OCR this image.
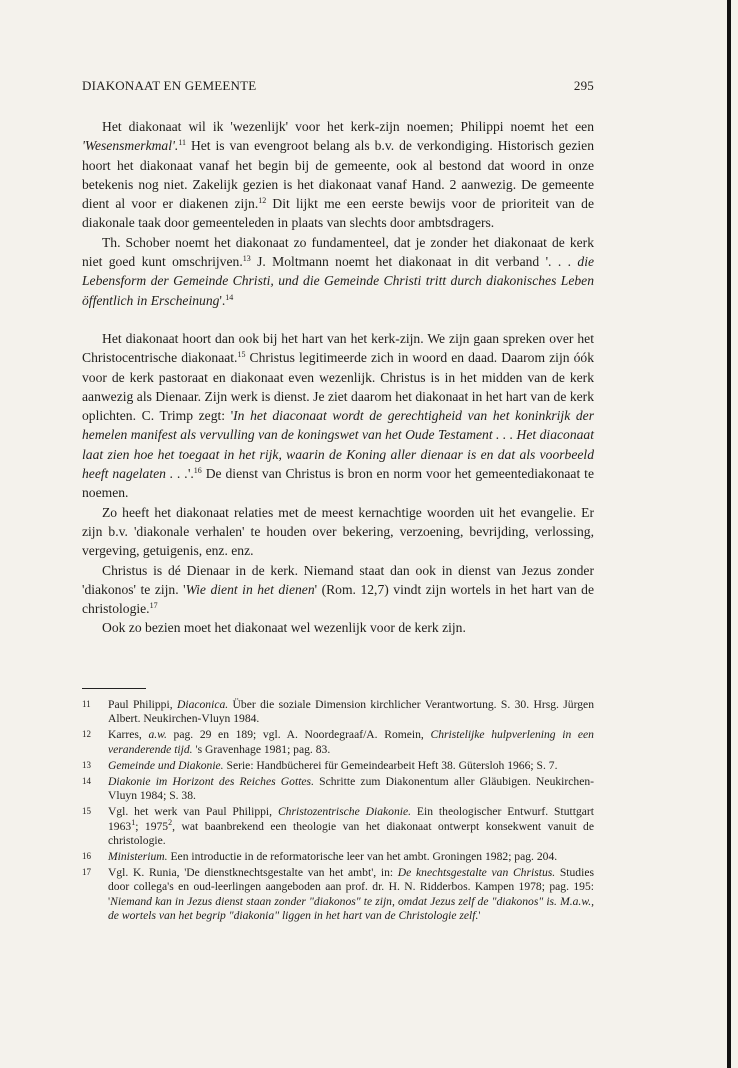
DIAKONAAT EN GEMEENTE	295

Het diakonaat wil ik 'wezenlijk' voor het kerk-zijn noemen; Philippi noemt het een 'Wesensmerkmal'.$^{11}$ Het is van evengroot belang als b.v. de verkondiging. Historisch gezien hoort het diakonaat vanaf het begin bij de gemeente, ook al bestond dat woord in onze betekenis nog niet. Zakelijk gezien is het diakonaat vanaf Hand. 2 aanwezig. De gemeente dient al voor er diakenen zijn.$^{12}$ Dit lijkt me een eerste bewijs voor de prioriteit van de diakonale taak door gemeenteleden in plaats van slechts door ambtsdragers.

Th. Schober noemt het diakonaat zo fundamenteel, dat je zonder het diakonaat de kerk niet goed kunt omschrijven.$^{13}$ J. Moltmann noemt het diakonaat in dit verband '. . . die Lebensform der Gemeinde Christi, und die Gemeinde Christi tritt durch diakonisches Leben öffentlich in Erscheinung'.$^{14}$

Het diakonaat hoort dan ook bij het hart van het kerk-zijn. We zijn gaan spreken over het Christocentrische diakonaat.$^{15}$ Christus legitimeerde zich in woord en daad. Daarom zijn óók voor de kerk pastoraat en diakonaat even wezenlijk. Christus is in het midden van de kerk aanwezig als Dienaar. Zijn werk is dienst. Je ziet daarom het diakonaat in het hart van de kerk oplichten. C. Trimp zegt: 'In het diaconaat wordt de gerechtigheid van het koninkrijk der hemelen manifest als vervulling van de koningswet van het Oude Testament . . . Het diaconaat laat zien hoe het toegaat in het rijk, waarin de Koning aller dienaar is en dat als voorbeeld heeft nagelaten . . .'.$^{16}$ De dienst van Christus is bron en norm voor het gemeentediakonaat te noemen.

Zo heeft het diakonaat relaties met de meest kernachtige woorden uit het evangelie. Er zijn b.v. 'diakonale verhalen' te houden over bekering, verzoening, bevrijding, verlossing, vergeving, getuigenis, enz. enz.

Christus is dé Dienaar in de kerk. Niemand staat dan ook in dienst van Jezus zonder 'diakonos' te zijn. 'Wie dient in het dienen' (Rom. 12,7) vindt zijn wortels in het hart van de christologie.$^{17}$

Ook zo bezien moet het diakonaat wel wezenlijk voor de kerk zijn.

11 Paul Philippi, Diaconica. Über die soziale Dimension kirchlicher Verantwortung. S. 30. Hrsg. Jürgen Albert. Neukirchen-Vluyn 1984.
12 Karres, a.w. pag. 29 en 189; vgl. A. Noordegraaf/A. Romein, Christelijke hulpverlening in een veranderende tijd. 's Gravenhage 1981; pag. 83.
13 Gemeinde und Diakonie. Serie: Handbücherei für Gemeindearbeit Heft 38. Gütersloh 1966; S. 7.
14 Diakonie im Horizont des Reiches Gottes. Schritte zum Diakonentum aller Gläubigen. Neukirchen-Vluyn 1984; S. 38.
15 Vgl. het werk van Paul Philippi, Christozentrische Diakonie. Ein theologischer Entwurf. Stuttgart 1963$^1$; 1975$^2$, wat baanbrekend een theologie van het diakonaat ontwerpt konsekwent vanuit de christologie.
16 Ministerium. Een introductie in de reformatorische leer van het ambt. Groningen 1982; pag. 204.
17 Vgl. K. Runia, 'De dienstknechtsgestalte van het ambt', in: De knechtsgestalte van Christus. Studies door collega's en oud-leerlingen aangeboden aan prof. dr. H. N. Ridderbos. Kampen 1978; pag. 195: 'Niemand kan in Jezus dienst staan zonder "diakonos" te zijn, omdat Jezus zelf de "diakonos" is. M.a.w., de wortels van het begrip "diakonia" liggen in het hart van de Christologie zelf.'
